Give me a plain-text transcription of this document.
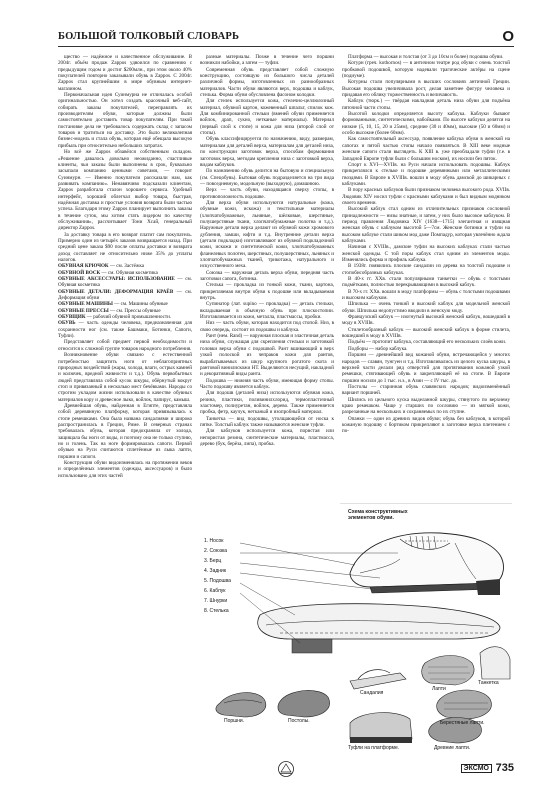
БОЛЬШОЙ ТОЛКОВЫЙ СЛОВАРЬ	О

щество — надёжное и качественное обслуживание. В 2004г. объём продаж Zappos удвоился по сравнению с предыдущим годом и достиг $200млн., при этом около 40% покупателей повторно заказывали обувь в Zappos. С 2004г. Zappos стал крупнейшим в мире обувным интернет-магазином.

Первоначальная идея Суинмурна не отличалась особой оригинальностью. Он хотел создать красочный веб-сайт, собирать заказы покупателей, переправлять их производителям обуви, которые должны были самостоятельно доставить товар покупателям. При такой постановке дела не требовалось содержать склад с запасом товаров и тратиться на доставку. Это было великолепная бизнес-модель и стала обувь, которая ещё обещала высокую прибыль при относительно небольших затратах.

Но всё же Zappos обзавёлся собственным складом. «Решение давалось довольно неожиданно, счастливые клиенты, чьи заказы были выполнены в срок, буквально засыпали компанию ценными советами, — говорит Суинмурн. — Именно покупатели рассказали нам, как развивать компанию». Ненавязчиво подсказали клиентам, Zappos разработала сталон хорошего сервиса. Удобный интерфейс, хороший облегчал выбор товара, быстрая, надёжная доставка и простые условия возврата были частью успеха. Благодаря этому Zappos планирует выполнить заказы в течение суток, мы хотим стать лидером по качеству обслуживания», рассчитывает Тони Хсай, генеральный директор Zappos.

За доставку товара в его возврат платит сам покупатель. Примерно один из четырёх заказов возвращается назад. При средний цене заказа $90 после оплаты доставки и возврата доход составляет не относительно ниже 35% до уплаты налогов.

ОБУВНАЯ КРЮЧОК — см. Застёжка

ОБУВНОЙ ВОСК — см. Обувная косметика

ОБУВНЫЕ АКСЕССУАРЫ: ИСПОЛЬЗОВАНИЕ — см. Обувная косметика

ОБУВНЫЕ ДЕТАЛИ: ДЕФОРМАЦИЯ КРАЁВ — см. Деформация обуви

ОБУВНЫЕ МАШИНЫ — см. Машины обувные

ОБУВНЫЕ ПРЕССЫ — см. Прессы обувные

ОБУВЩИК — рабочий обувной промышленности.

ОБУВЬ — часть одежды человека, предназначенная для сохранности ног (см. также Башмаки, Ботинки, Сапоги, Туфли).

Представляет собой предмет первой необходимости и относится к сложной группе товаров народного потребления.

Возникновение обуви связано с естественной потребностью защитить ноги от неблагоприятных природных воздействий (жары, холода, влаги, острых камней и колючек, вредной живности и т.д.). Обувь первобытных людей представляла собой кусок шкуры, обёрнутый вокруг стоп и привязанный в несколько мест бечёвками. Народы со строгим укладом жизни использовали в качестве обувных материалов кору и древесное лыко, войлок, папирус, камыш.

Древнейшая обувь, найденная в Египте, представляла собой деревянную платформу, которая привязывалась к стопе ремешками. Она была названа сандалиями и широко распространилась в Греции, Риме. В северных странах требовалась обувь, которая предохраняла от холода, защищала бы ноги от воды, и поэтому она не только ступню, но и голень. Так на ноге формировалась сапоги. Первой обувью на Руси считаются сплетённые из лыка лапти, поршни и сапоги.

Конструкция обуви видоизменялась на протяжении веков и определённых элементов (одежды, аксессуаров) и было использовано для этих частей

разные материалы. Позже в течение чего поршни возникли набойки, а затем — туфли.

Современная обувь представляет собой сложную конструкцию, состоящую из большого числа деталей различной формы, изготовленных из разнообразных материалов. Части обуви являются верх, подошва и каблук, стелька. Форма обуви обусловлена фасоном колодки.

Для стелек используется кожа, стелечно-целлюлозный материал, обувной картон, кожевенный шпальт, спилок кож. Для комбинированной стельки (вменей обуви применяется войлок, драп, сукно, нетканые материалы). Материал (первый слой к стопе) и кожа для низа (второй слой от стопы).

Обувь классифицируется по назначению, виду, размерам, материалам для деталей верха, материалам для деталей низа, по конструкции заготовок верха, способам формования заготовок верха, методам крепления низа с заготовкой верха, видам каблуков.

По назначению обувь делится на бытовую и специальную (см. Спецобувь). Бытовая обувь подразделяется на три вида — повседневную, модельную (выходную), домашнюю.

Верх — часть обуви, находящаяся сверху стопы, в противоположность подошве.

Для верха обуви используются натуральные (кожа, обувные кожи, искожа) и текстильные материалы (хлопчатобумажные, льняные, шёлковые, шерстяные, полушерстяные ткани, хлопчатобумажные полотна и т.д.). Наружные детали верха делают из обувной кожи хромового дубления, замши, юфти и т.д. Внутренние детали верха (детали подкладки) изготавливают из обувной подкладочной кожи, искожи и синтетической кожи, хлопчатобумажных фланелевых полотен, шерстяных, полушерстяных, льняных и хлопчатобумажных тканей, трикотажа, натурального и искусственного меха.

Союзка — наружная деталь верха обуви, передняя часть заготовки сапога, ботинка.

Стелька — прокладка из тонкой кожи, ткани, картона, прикрепляемая внутри обуви к подошве или вкладываемая внутрь.

Супинатор (лат. supino — прокладка) — деталь стельки, вкладываемая в обычную обувь при плоскостопии. Изготавливается из кожи, металла, пластмассы, пробки.

Низ — часть обуви, которая находится под стопой. Низ, в свою очередь, состоит из подошвы и каблука.

Рант (нем. Rand) — наружная плоская и эластичная деталь низа обуви, служащая для скрепления стельки и заготовкой головки верха обуви с подошвой. Рант вшивающий в верх узкой полоской из чепраков кожи для рантов, вырабатываемых из шкур крупного рогатого скота и рантовой винилискожи НТ. Выделяются несущий, накладной и декоративный виды ранта.

Подошва — нижняя часть обуви, имеющая форму стопы. Часто подошву является каблук.

Для подошв (деталей низа) используются обувная кожа, резина, пластики, поливинилхлорид, термопластичный эластомер, полиуретан, войлок, дерево. Также применяется пробка, фетр, каучук, нетканый и изопробный материал.

Танкетка — вид подошвы, утолщающейся от носка к пятке. Толстый каблук также называются женские туфли.

Для каблуков используется кожа, пористая или непористая резина, синтетические материалы, пластмасса, дерево (бук, берёза, липа), пробка.

Платформа — высокая и толстая (от 3 до 10см и более) подошва обуви.

Котурн (греч. kothornos) — в античном театре род обуви с очень толстой пробковой подошвой, которую надевали трагические актёры на сцене (подиуме).

Котурны стали популярными в высших сословиях античной Греции. Высокая подошва увеличивала рост, делая заметнее фигуру человека и придавая его облику торжественность и величавость.

Каблук (тюрк.) — твёрдая накладная деталь низа обуви для подъёма пяточной части стопы.

Высотой колодки определяется высоту каблука. Каблуки бывают формованными, синтетическими, набойками. По высоте каблуки делятся на низкие (5, 10, 15, 20 и 25мм), средние (30 и 40мм), высокие (50 и 60мм) и особо высокие (более 60мм).

Как самостоятельный аксессуар, появление каблука обуви в женской на сапогах и пятой частью стопы начало появляться. В XIII веке модные женские сапоги стали выглядеть. К XIII в. уже преобладали туфли (т.е. в Западной Европе туфли были с большим носком), их носили без пяток.

Спорт к XVI—XVIIв. на Руси начали использовать подошвы. Каблук прикреплялся к стельке и подошве деревянными или металлическими гвоздями. В Европе в XVIIIв. вошли в моду обувь дамской до шикарных с каблуками.

В пору красных каблуков были признаком человека высокого рода. XVIIв. Людовик XIV носил туфли с красными каблуками и был видным модником своего времени.

Высокий каблук стал одним из отличительных признаков сословной принадлежности — низы знатные, и затем, у них было высокое каблуком. В период правления Людовика XIV (1638—1715) элегантная и изящная женская обувь с каблуком высотой 5—7см. Женские ботинки и туфли на высоком каблуке стали шиком мод даже Помпадур, которая увлечённо ждала каблуками.

Начиная с XVIIIв., дамские туфли на высоких каблуках стали частью женской одежды. С той поры каблук стал одним из элементов моды. Изменялись форма и профиль каблука.

В 1938г. появились плоские сандалии из дерева на толстой подошве и стопобисобразных каблуках.

В 40-х гг. XXв. стали популярными танкетки — обувь с толстыми подмётками, полностью перекрывающими в высокий каблук.

В 70-х гг. XXв. вошли в моду платформы — обувь с толстыми подошвами и высоким каблуком.

Шпилька — очень тонкий и высокий каблук для модельной женской обуви. Шпилька недопустимо вводили в женскую моду.

Французский каблук — изогнутый высокий женский каблук, вошедший в моду в XVIIIв.

Стилетообразный каблук — высокий женский каблук в форме стилета, вошедший в моду в XVIIIв.

Подъём — протопит каблука, составляющий его нескольких слоёв кожи.

Подборы — набор каблука.

Поршни — древнейший вид кожаной обуви, встречающейся у многих народов — славян, тунгуен и т.д. Изготавливались из целого куска шкуры, в верхней части делали ряд отверстий для протягивания кожаной узкой ремешки, стягивающей обувь и закрепляющей её на стопе. В Европе поршни носили до 1 тыс. н.э., в Азии — с IV тыс. до.

Постолы — старинная обувь славянских народов; видоизменённый вариант поршней.

Шились из цельного куска выделанной шкуры, стянутого по верхнему краю ремешком. Чаще у старших по сословию — из мягкой кожи, разрезанные на нескольких и сохраняемых по их ступне.

Опанки — один из древних видов обуви; обувь без каблуков, в которой кожаную подошву с бортиком прикрепляют к заготовке верха плетением с по-

Схема конструктивных элементов обуви.
1. Носок
2. Союзка
3. Берц
4. Задник
5. Подошва
6. Каблук
7. Шнурки
8. Стелька
Сандалия
Лапти
Танкетка
Поршни.	Постолы.	Берестяные лапти.
Туфли на платформе.	Древние лапти.
ЭКСМО 735
